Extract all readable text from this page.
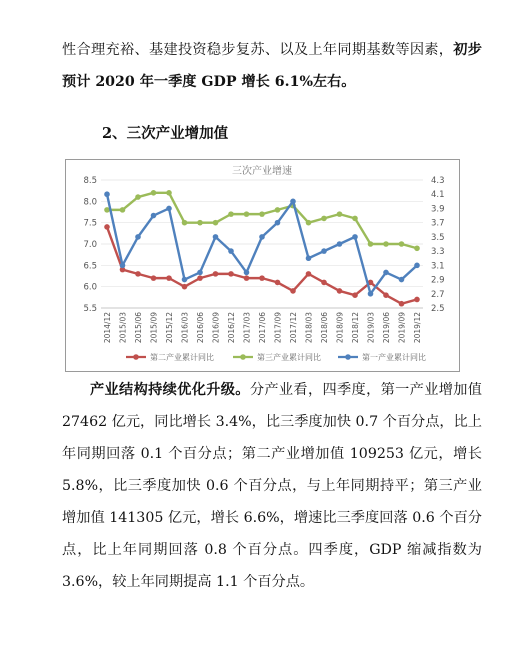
性合理充裕、基建投资稳步复苏、以及上年同期基数等因素，初步预计 2020 年一季度 GDP 增长 6.1%左右。
2、三次产业增加值
三次产业增速
5.5
6.0
6.5
7.0
7.5
8.0
8.5
2.5
2.7
2.9
3.1
3.3
3.5
3.7
3.9
4.1
4.3
2014/12 2015/03 2015/06 2015/09 2015/12 2016/03 2016/06 2016/09 2016/12 2017/03 2017/06 2017/09 2017/12 2018/03 2018/06 2018/09 2018/12 2019/03 2019/06 2019/09 2019/12
第二产业累计同比	第三产业累计同比	第一产业累计同比
产业结构持续优化升级。分产业看，四季度，第一产业增加值 27462 亿元，同比增长 3.4%，比三季度加快 0.7 个百分点，比上年同期回落 0.1 个百分点；第二产业增加值 109253 亿元，增长 5.8%，比三季度加快 0.6 个百分点，与上年同期持平；第三产业增加值 141305 亿元，增长 6.6%，增速比三季度回落 0.6 个百分点，比上年同期回落 0.8 个百分点。四季度，GDP 缩减指数为 3.6%，较上年同期提高 1.1 个百分点。
